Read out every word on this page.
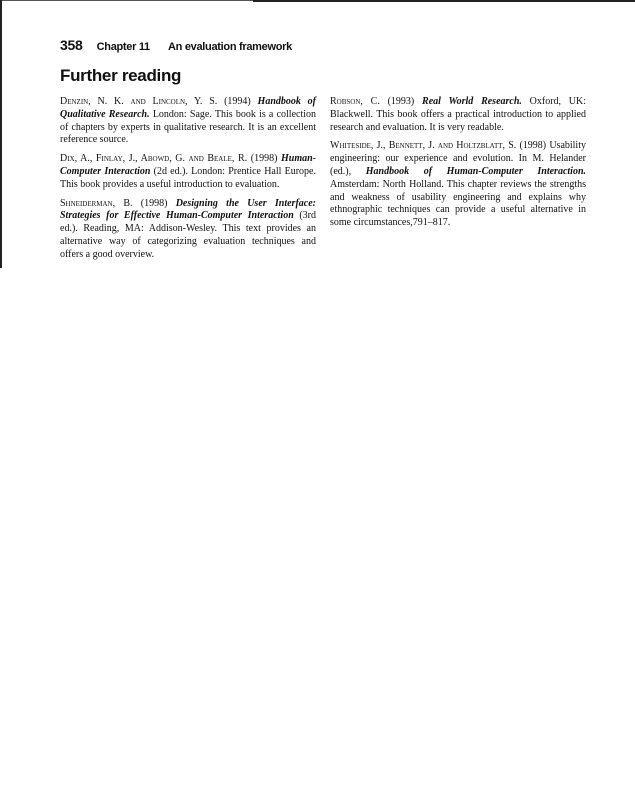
358 Chapter 11 An evaluation framework
Further reading

Denzin, N. K. and Lincoln, Y. S. (1994) Handbook of Qualitative Research. London: Sage. This book is a collection of chapters by experts in qualitative research. It is an excellent reference source.

Dix, A., Finlay, J., Abowd, G. and Beale, R. (1998) Human-Computer Interaction (2d ed.). London: Prentice Hall Europe. This book provides a useful introduction to evaluation.

Shneiderman, B. (1998) Designing the User Interface: Strategies for Effective Human-Computer Interaction (3rd ed.). Reading, MA: Addison-Wesley. This text provides an alternative way of categorizing evaluation techniques and offers a good overview.

Robson, C. (1993) Real World Research. Oxford, UK: Blackwell. This book offers a practical introduction to applied research and evaluation. It is very readable.

Whiteside, J., Bennett, J. and Holtzblatt, S. (1998) Usability engineering: our experience and evolution. In M. Helander (ed.), Handbook of Human-Computer Interaction. Amsterdam: North Holland. This chapter reviews the strengths and weakness of usability engineering and explains why ethnographic techniques can provide a useful alternative in some circumstances,791–817.
